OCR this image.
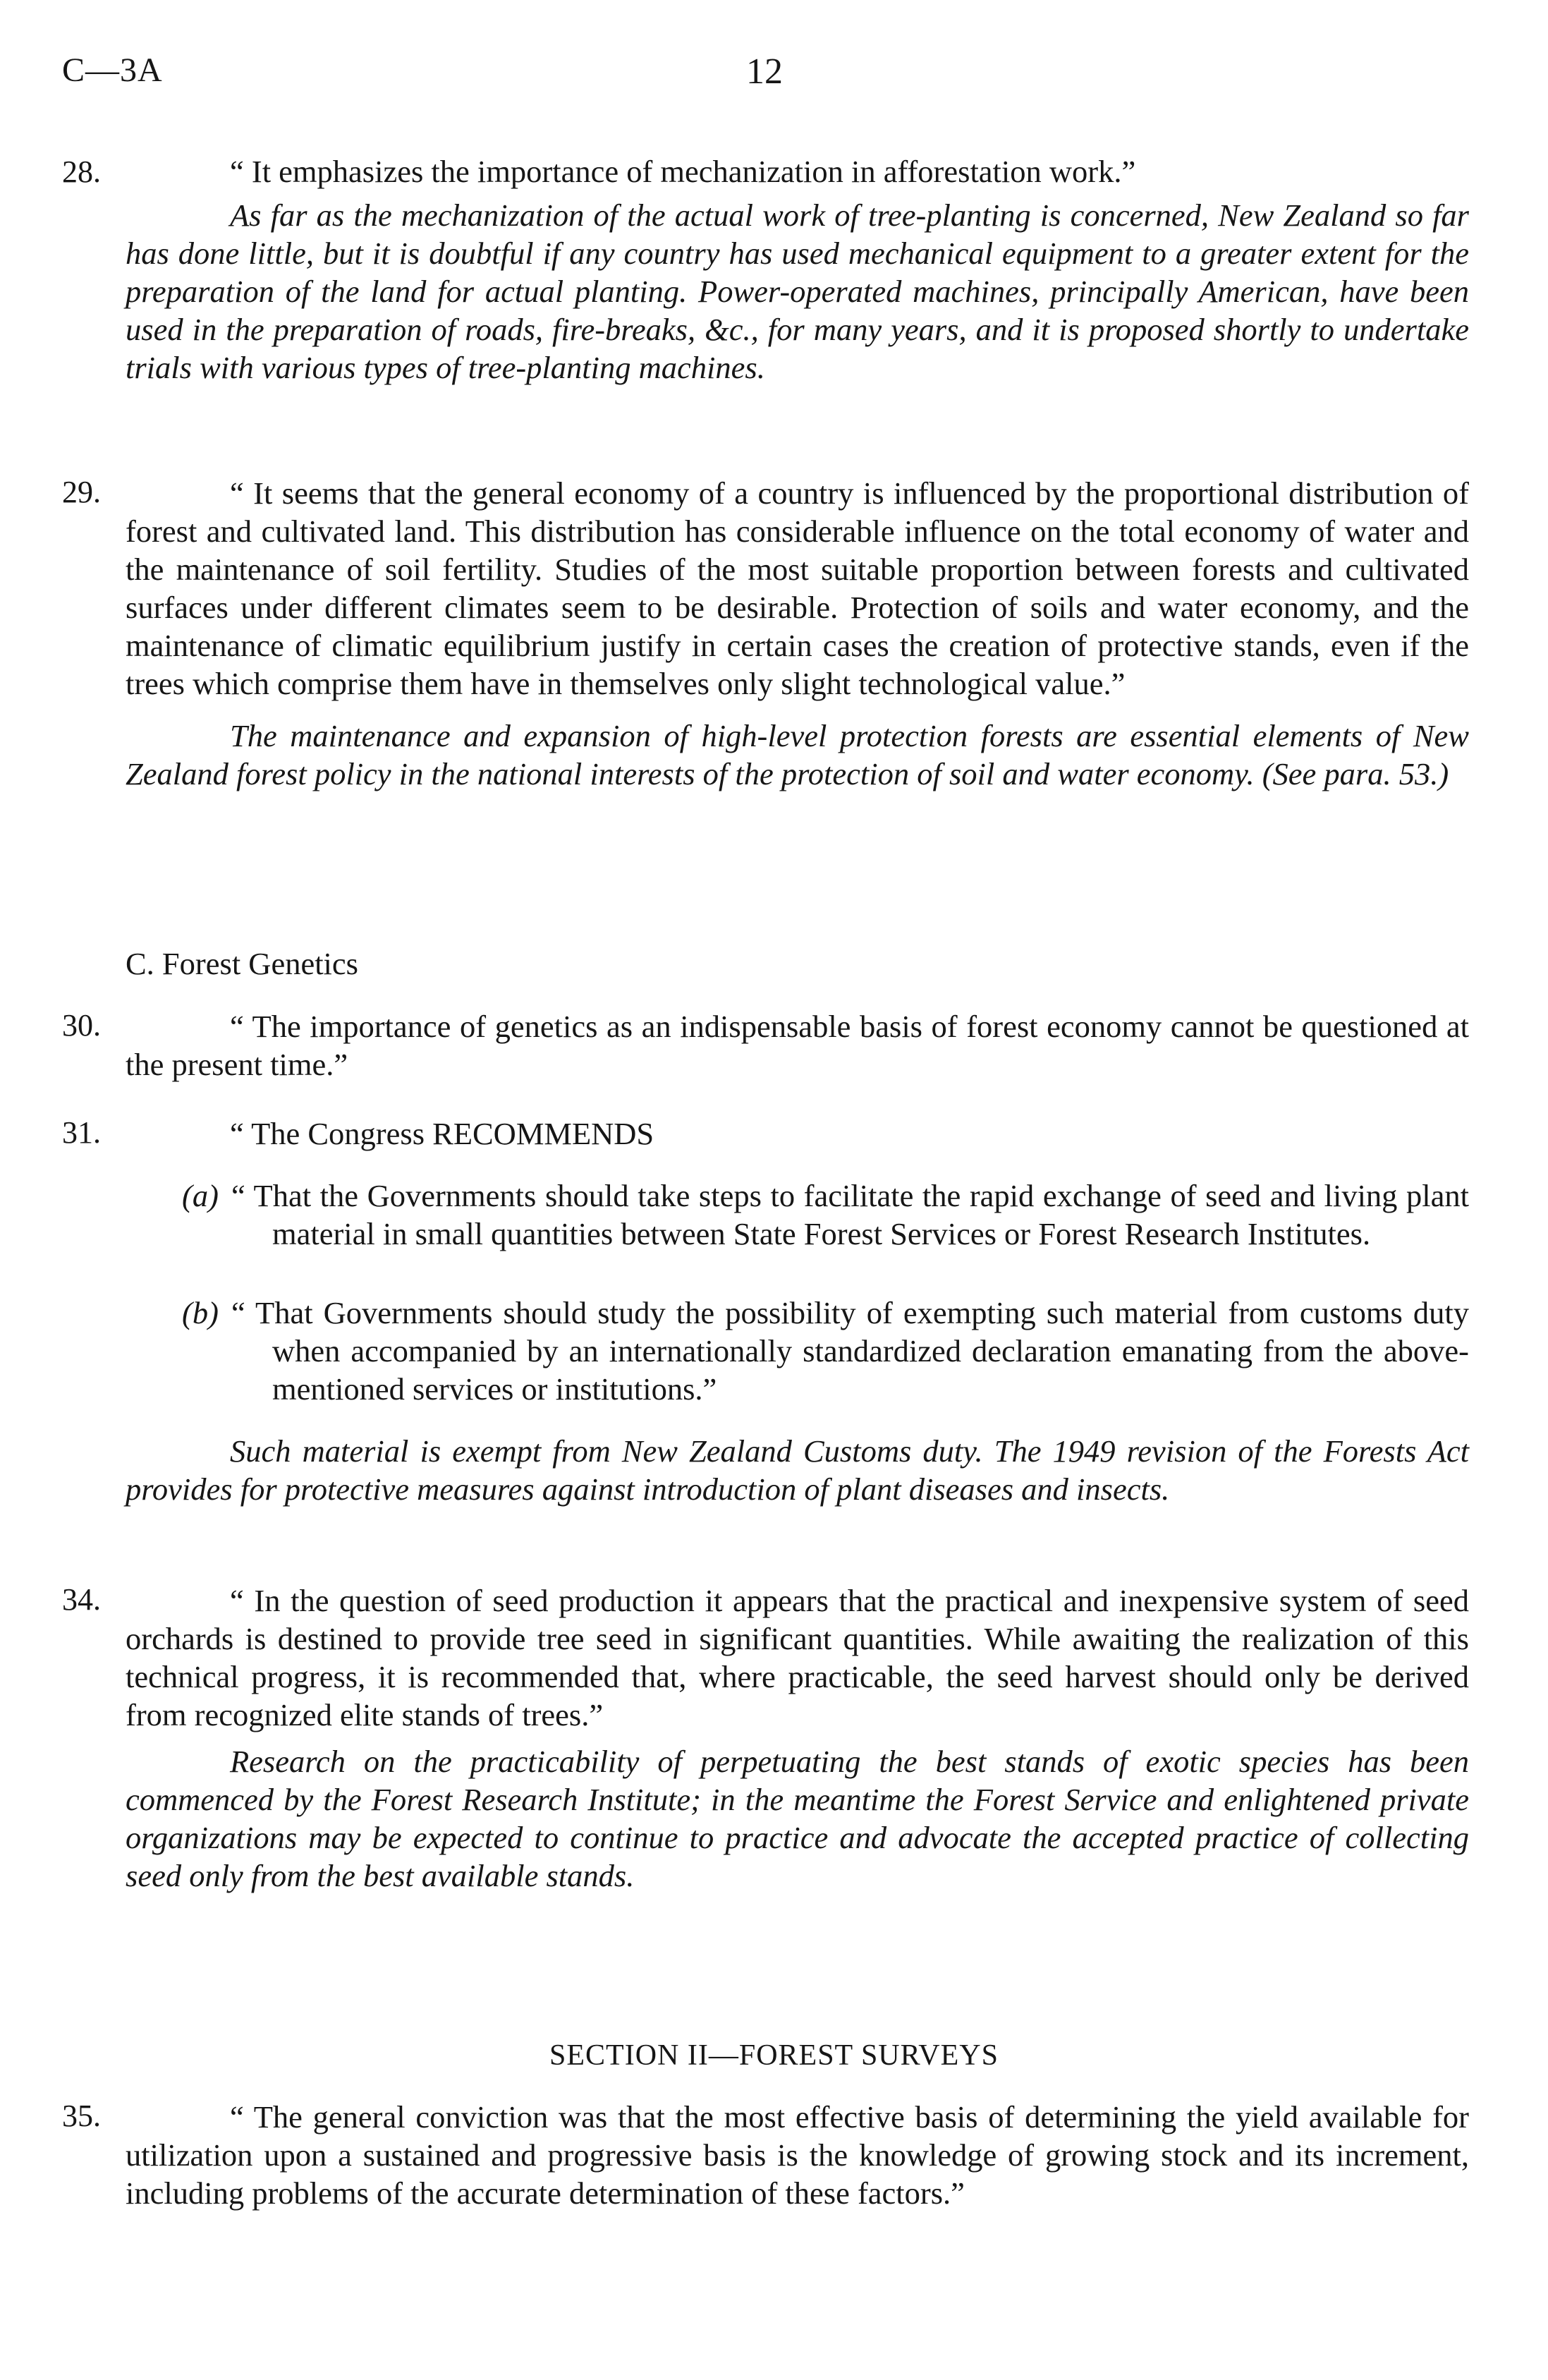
C—3A	12
28.	“ It emphasizes the importance of mechanization in afforestation work.”

As far as the mechanization of the actual work of tree-planting is concerned, New Zealand so far has done little, but it is doubtful if any country has used mechanical equipment to a greater extent for the preparation of the land for actual planting. Power-operated machines, principally American, have been used in the preparation of roads, fire-breaks, &c., for many years, and it is proposed shortly to undertake trials with various types of tree-planting machines.

29.	“ It seems that the general economy of a country is influenced by the proportional distribution of forest and cultivated land. This distribution has considerable influence on the total economy of water and the maintenance of soil fertility. Studies of the most suitable proportion between forests and cultivated surfaces under different climates seem to be desirable. Protection of soils and water economy, and the maintenance of climatic equilibrium justify in certain cases the creation of protective stands, even if the trees which comprise them have in themselves only slight technological value.”

The maintenance and expansion of high-level protection forests are essential elements of New Zealand forest policy in the national interests of the protection of soil and water economy. (See para. 53.)

C. Forest Genetics
30.	“ The importance of genetics as an indispensable basis of forest economy cannot be questioned at the present time.”

31.	“ The Congress RECOMMENDS

(a) “ That the Governments should take steps to facilitate the rapid exchange of seed and living plant material in small quantities between State Forest Services or Forest Research Institutes.
(b) “ That Governments should study the possibility of exempting such material from customs duty when accompanied by an internationally standardized declaration emanating from the above-mentioned services or institutions.”

Such material is exempt from New Zealand Customs duty. The 1949 revision of the Forests Act provides for protective measures against introduction of plant diseases and insects.

34.	“ In the question of seed production it appears that the practical and inexpensive system of seed orchards is destined to provide tree seed in significant quantities. While awaiting the realization of this technical progress, it is recommended that, where practicable, the seed harvest should only be derived from recognized elite stands of trees.”

Research on the practicability of perpetuating the best stands of exotic species has been commenced by the Forest Research Institute; in the meantime the Forest Service and enlightened private organizations may be expected to continue to practice and advocate the accepted practice of collecting seed only from the best available stands.

SECTION II—FOREST SURVEYS
35.	“ The general conviction was that the most effective basis of determining the yield available for utilization upon a sustained and progressive basis is the knowledge of growing stock and its increment, including problems of the accurate determination of these factors.”
